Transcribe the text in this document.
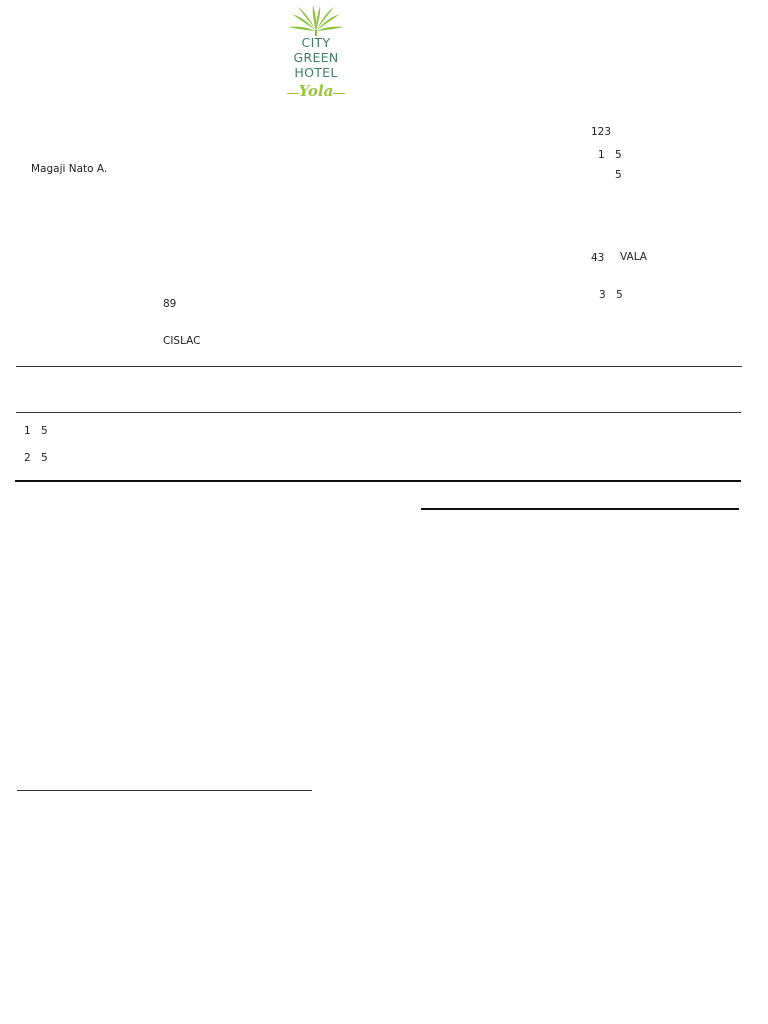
CITY
GREEN
HOTEL
Yola
Magaji Nato A.
89
CISLAC
123
1 5
5
43 VALA
3 5
1 5
2 5
